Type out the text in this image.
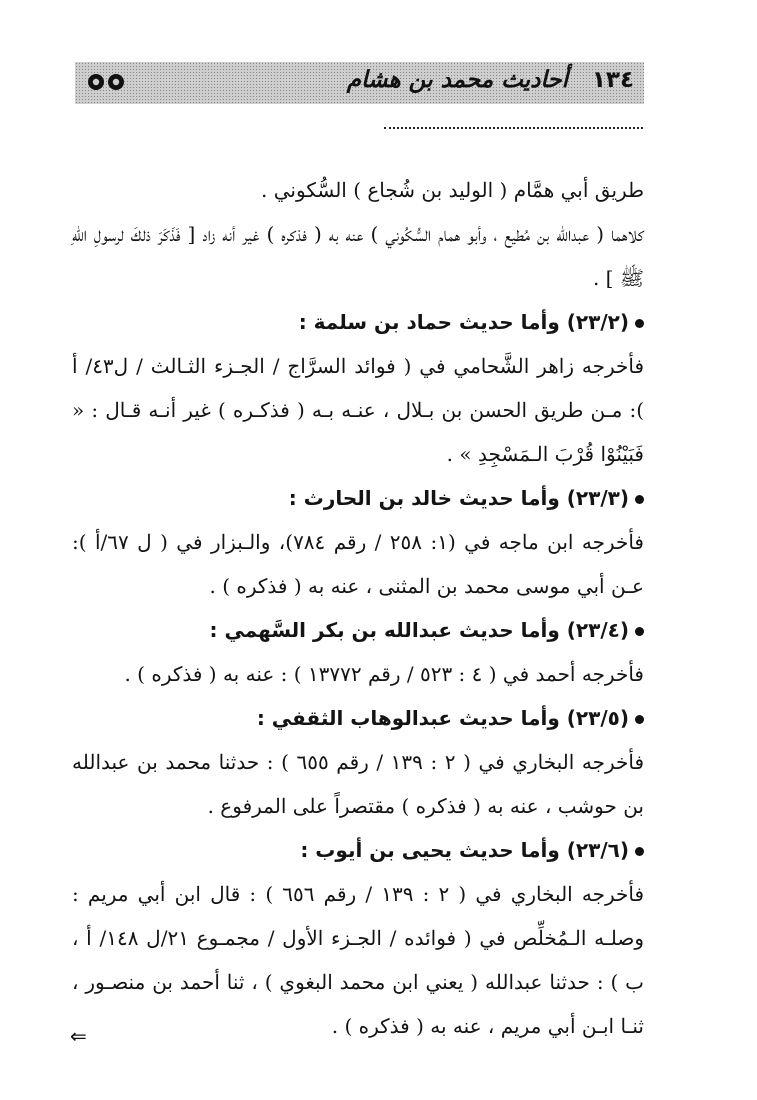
أحاديث محمد بن هشام ١٣٤

طريق أبي همَّام ( الوليد بن شُجاع ) السُّكوني .

كلاهما ( عبدالله بن مُطيع ، وأبو همام السُّكُوني ) عنه به ( فذكره ) غير أنه زاد [ فَذَكَرَ ذلكَ لرسولِ اللهِ ﷺ ] .

(٢٣/٢) وأما حديث حماد بن سلمة :

فأخرجه زاهر الشَّحامي في ( فوائد السرَّاج / الجـزء الثـالث / ل٤٣/ أ ): مـن طريق الحسن بن بـلال ، عنـه بـه ( فذكـره ) غير أنـه قـال : « فَبَيْنُوْا قُرْبَ الـمَسْجِدِ » .

(٢٣/٣) وأما حديث خالد بن الحارث :

فأخرجه ابن ماجه في (١: ٢٥٨ / رقم ٧٨٤)، والـبزار في ( ل ٦٧/أ ): عـن أبي موسى محمد بن المثنى ، عنه به ( فذكره ) .

(٢٣/٤) وأما حديث عبدالله بن بكر السَّهمي :

فأخرجه أحمد في ( ٤ : ٥٢٣ / رقم ١٣٧٧٢ ) : عنه به ( فذكره ) .

(٢٣/٥) وأما حديث عبدالوهاب الثقفي :

فأخرجه البخاري في ( ٢ : ١٣٩ / رقم ٦٥٥ ) : حدثنا محمد بن عبدالله بن حوشب ، عنه به ( فذكره ) مقتصراً على المرفوع .

(٢٣/٦) وأما حديث يحيى بن أيوب :

فأخرجه البخاري في ( ٢ : ١٣٩ / رقم ٦٥٦ ) : قال ابن أبي مريم : وصلـه الـمُخلِّص في ( فوائده / الجـزء الأول / مجمـوع ٢١/ل ١٤٨/ أ ، ب ) : حدثنا عبدالله ( يعني ابن محمد البغوي ) ، ثنا أحمد بن منصـور ، ثنـا ابـن أبي مريم ، عنه به ( فذكره ) .

⇐
